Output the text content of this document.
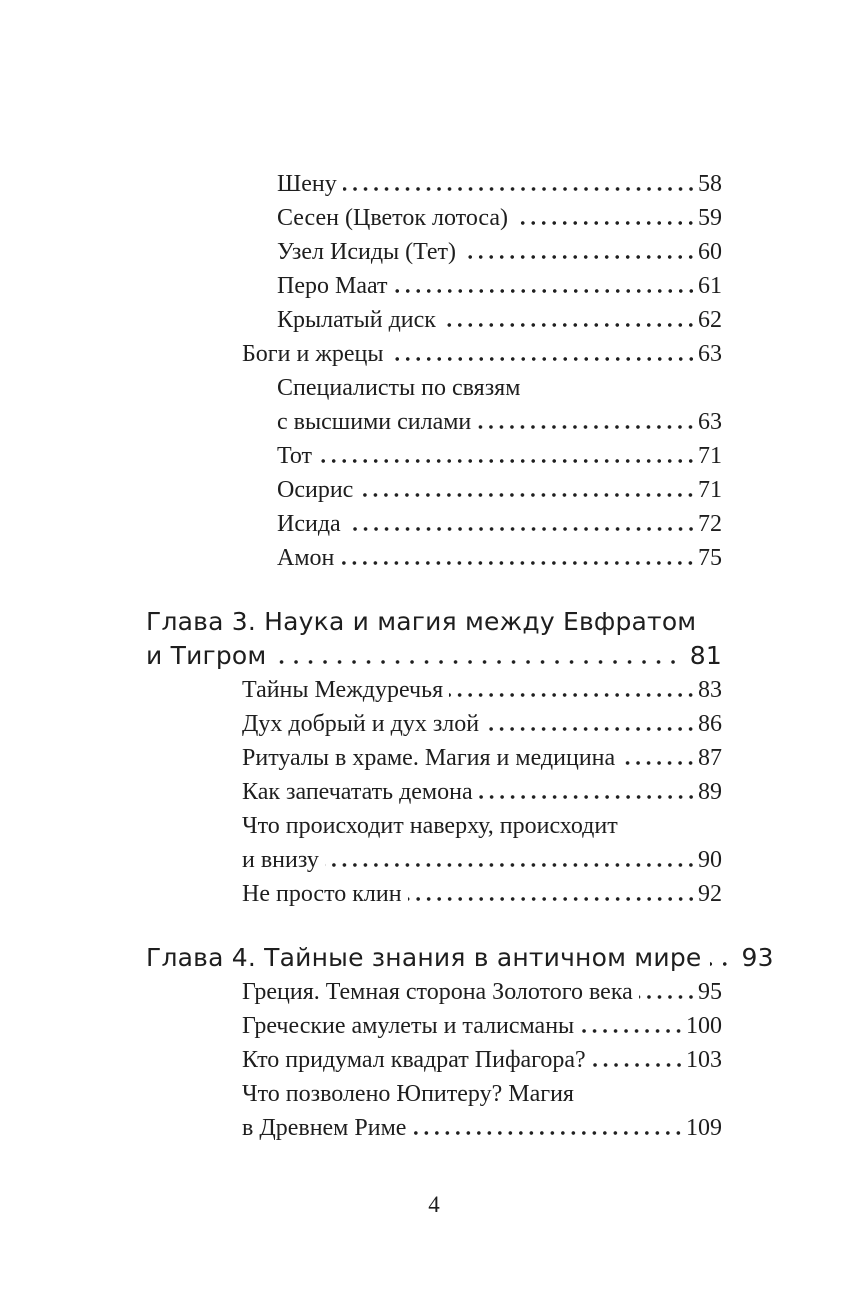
Шену	58
Сесен (Цветок лотоса)	59
Узел Исиды (Тет)	60
Перо Маат	61
Крылатый диск	62
Боги и жрецы	63
Специалисты по связям
с высшими силами	63
Тот	71
Осирис	71
Исида	72
Амон	75
Глава 3. Наука и магия между Евфратом
и Тигром	81
Тайны Междуречья	83
Дух добрый и дух злой	86
Ритуалы в храме. Магия и медицина	87
Как запечатать демона	89
Что происходит наверху, происходит
и внизу	90
Не просто клин	92
Глава 4. Тайные знания в античном мире 93
Греция. Темная сторона Золотого века	95
Греческие амулеты и талисманы	100
Кто придумал квадрат Пифагора?	103
Что позволено Юпитеру? Магия
в Древнем Риме	109
4
